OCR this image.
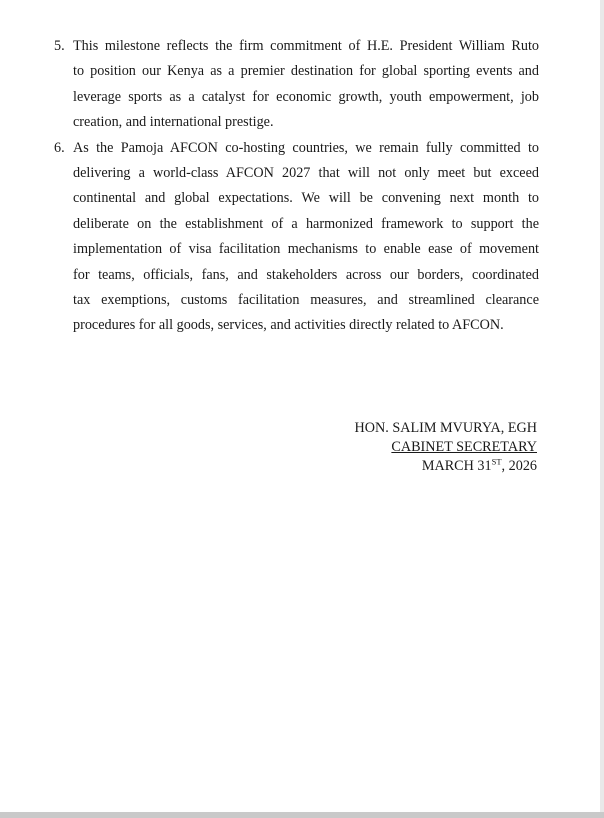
5. This milestone reflects the firm commitment of H.E. President William Ruto
to position our Kenya as a premier destination for global sporting events and
leverage sports as a catalyst for economic growth, youth empowerment, job
creation, and international prestige.
6. As the Pamoja AFCON co-hosting countries, we remain fully committed to
delivering a world-class AFCON 2027 that will not only meet but exceed
continental and global expectations. We will be convening next month to
deliberate on the establishment of a harmonized framework to support the
implementation of visa facilitation mechanisms to enable ease of movement
for teams, officials, fans, and stakeholders across our borders, coordinated
tax exemptions, customs facilitation measures, and streamlined clearance
procedures for all goods, services, and activities directly related to AFCON.
HON. SALIM MVURYA, EGH
CABINET SECRETARY
MARCH 31ST, 2026
